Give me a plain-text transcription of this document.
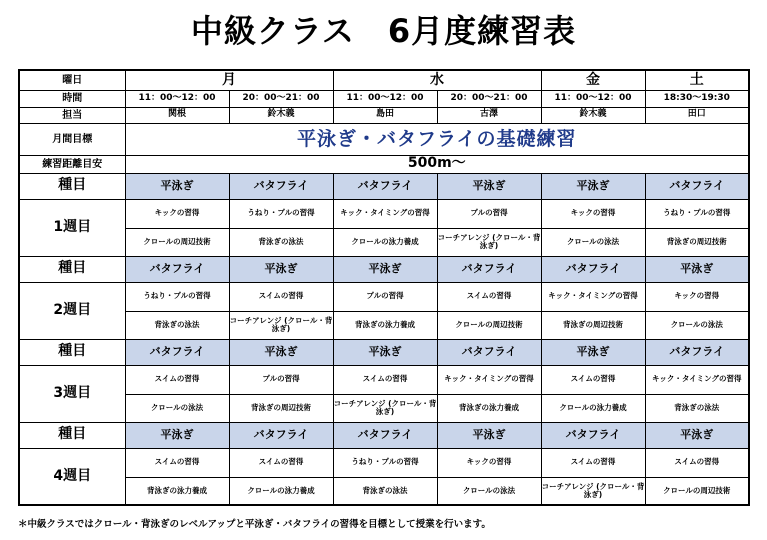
中級クラス　6月度練習表
曜日	月		水		金	土
時間	11：00〜12：00	20：00〜21：00	11：00〜12：00	20：00〜21：00	11：00〜12：00	18:30〜19:30
担当	関根	鈴木義	島田	古澤	鈴木義	田口
月間目標	平泳ぎ・バタフライの基礎練習					
練習距離目安	500m〜					
種目	平泳ぎ	バタフライ	バタフライ	平泳ぎ	平泳ぎ	バタフライ
1週目	キックの習得	うねり・プルの習得	キック・タイミングの習得	プルの習得	キックの習得	うねり・プルの習得
	クロールの周辺技術	背泳ぎの泳法	クロールの泳力養成	コーチアレンジ (クロール・背泳ぎ)	クロールの泳法	背泳ぎの周辺技術
種目	バタフライ	平泳ぎ	平泳ぎ	バタフライ	バタフライ	平泳ぎ
2週目	うねり・プルの習得	スイムの習得	プルの習得	スイムの習得	キック・タイミングの習得	キックの習得
	背泳ぎの泳法	コーチアレンジ (クロール・背泳ぎ)	背泳ぎの泳力養成	クロールの周辺技術	背泳ぎの周辺技術	クロールの泳法
種目	バタフライ	平泳ぎ	平泳ぎ	バタフライ	平泳ぎ	バタフライ
3週目	スイムの習得	プルの習得	スイムの習得	キック・タイミングの習得	スイムの習得	キック・タイミングの習得
	クロールの泳法	背泳ぎの周辺技術	コーチアレンジ (クロール・背泳ぎ)	背泳ぎの泳力養成	クロールの泳力養成	背泳ぎの泳法
種目	平泳ぎ	バタフライ	バタフライ	平泳ぎ	バタフライ	平泳ぎ
4週目	スイムの習得	スイムの習得	うねり・プルの習得	キックの習得	スイムの習得	スイムの習得
	背泳ぎの泳力養成	クロールの泳力養成	背泳ぎの泳法	クロールの泳法	コーチアレンジ (クロール・背泳ぎ)	クロールの周辺技術
＊中級クラスではクロール・背泳ぎのレベルアップと平泳ぎ・バタフライの習得を目標として授業を行います。
